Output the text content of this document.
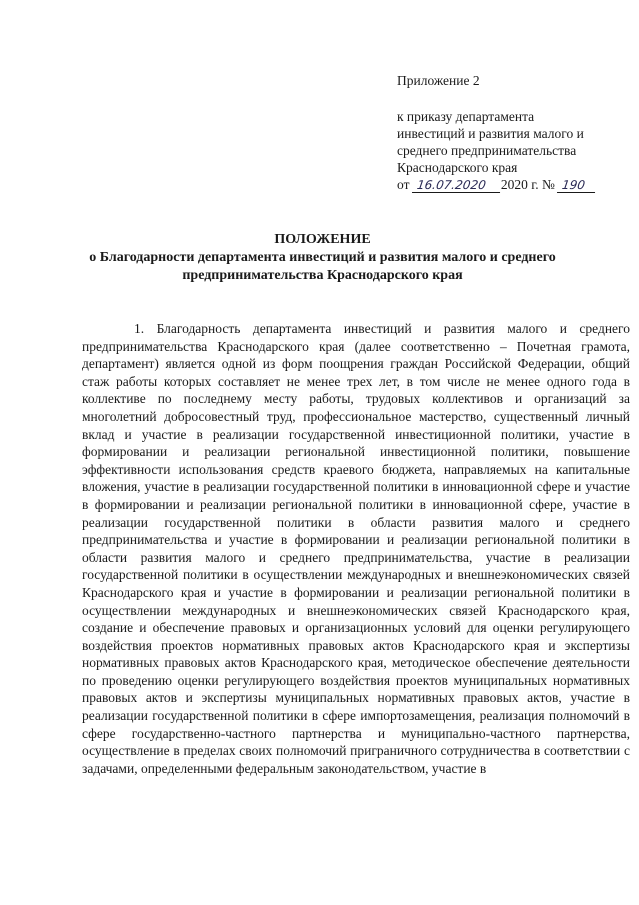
Приложение 2
к приказу департамента
инвестиций и развития малого и
среднего предпринимательства
Краснодарского края
от 16.07.2020 2020 г. № 190
ПОЛОЖЕНИЕ
о Благодарности департамента инвестиций и развития малого и среднего предпринимательства Краснодарского края
1. Благодарность департамента инвестиций и развития малого и среднего предпринимательства Краснодарского края (далее соответственно – Почетная грамота, департамент) является одной из форм поощрения граждан Российской Федерации, общий стаж работы которых составляет не менее трех лет, в том числе не менее одного года в коллективе по последнему месту работы, трудовых коллективов и организаций за многолетний добросовестный труд, профессиональное мастерство, существенный личный вклад и участие в реализации государственной инвестиционной политики, участие в формировании и реализации региональной инвестиционной политики, повышение эффективности использования средств краевого бюджета, направляемых на капитальные вложения, участие в реализации государственной политики в инновационной сфере и участие в формировании и реализации региональной политики в инновационной сфере, участие в реализации государственной политики в области развития малого и среднего предпринимательства и участие в формировании и реализации региональной политики в области развития малого и среднего предпринимательства, участие в реализации государственной политики в осуществлении международных и внешнеэкономических связей Краснодарского края и участие в формировании и реализации региональной политики в осуществлении международных и внешнеэкономических связей Краснодарского края, создание и обеспечение правовых и организационных условий для оценки регулирующего воздействия проектов нормативных правовых актов Краснодарского края и экспертизы нормативных правовых актов Краснодарского края, методическое обеспечение деятельности по проведению оценки регулирующего воздействия проектов муниципальных нормативных правовых актов и экспертизы муниципальных нормативных правовых актов, участие в реализации государственной политики в сфере импортозамещения, реализация полномочий в сфере государственно-частного партнерства и муниципально-частного партнерства, осуществление в пределах своих полномочий приграничного сотрудничества в соответствии с задачами, определенными федеральным законодательством, участие в
